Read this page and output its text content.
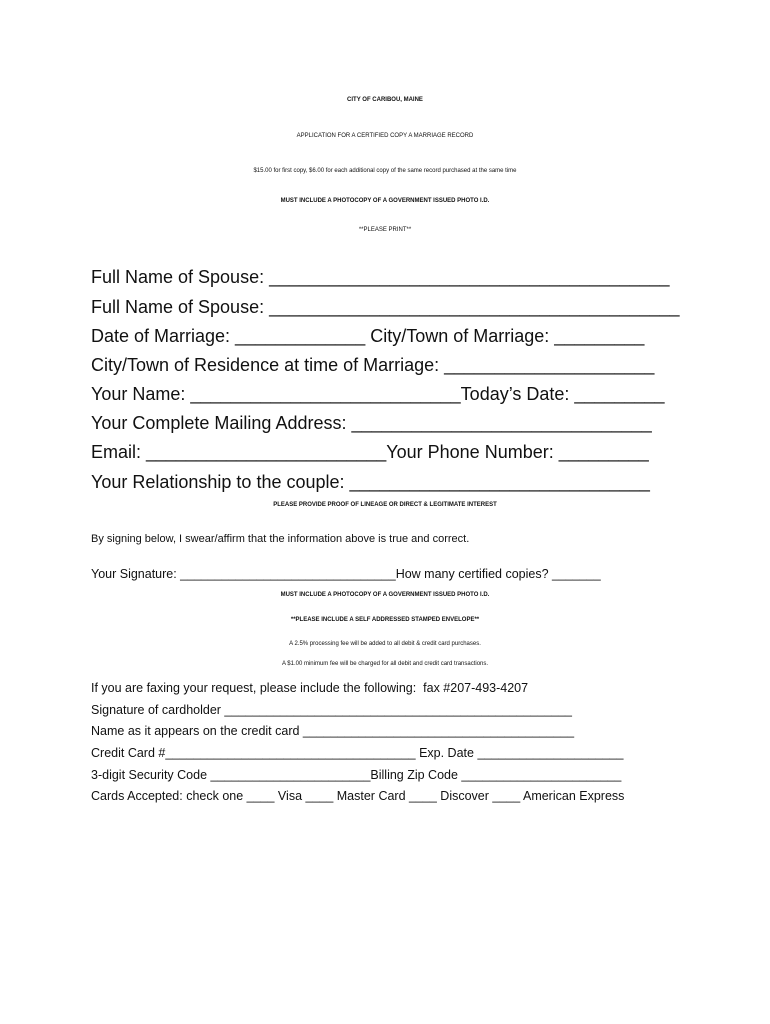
CITY OF CARIBOU, MAINE
APPLICATION FOR A CERTIFIED COPY A MARRIAGE RECORD
$15.00 for first copy, $6.00 for each additional copy of the same record purchased at the same time
MUST INCLUDE A PHOTOCOPY OF A GOVERNMENT ISSUED PHOTO I.D.
**PLEASE PRINT**
Full Name of Spouse: ________________________________________
Full Name of Spouse: _________________________________________
Date of Marriage: _____________ City/Town of Marriage: _________
City/Town of Residence at time of Marriage: _____________________
Your Name: ___________________________Today’s Date: _________
Your Complete Mailing Address: ______________________________
Email: ________________________Your Phone Number: _________
Your Relationship to the couple: ______________________________
PLEASE PROVIDE PROOF OF LINEAGE OR DIRECT & LEGITIMATE INTEREST
By signing below, I swear/affirm that the information above is true and correct.
Your Signature: _______________________________How many certified copies? _______
MUST INCLUDE A PHOTOCOPY OF A GOVERNMENT ISSUED PHOTO I.D.
**PLEASE INCLUDE A SELF ADDRESSED STAMPED ENVELOPE**
A 2.5% processing fee will be added to all debit & credit card purchases.
A $1.00 minimum fee will be charged for all debit and credit card transactions.
If you are faxing your request, please include the following:  fax #207-493-4207
Signature of cardholder __________________________________________________
Name as it appears on the credit card _______________________________________
Credit Card #____________________________________ Exp. Date _____________________
3-digit Security Code _______________________Billing Zip Code _______________________
Cards Accepted: check one ____ Visa ____ Master Card ____ Discover ____ American Express
